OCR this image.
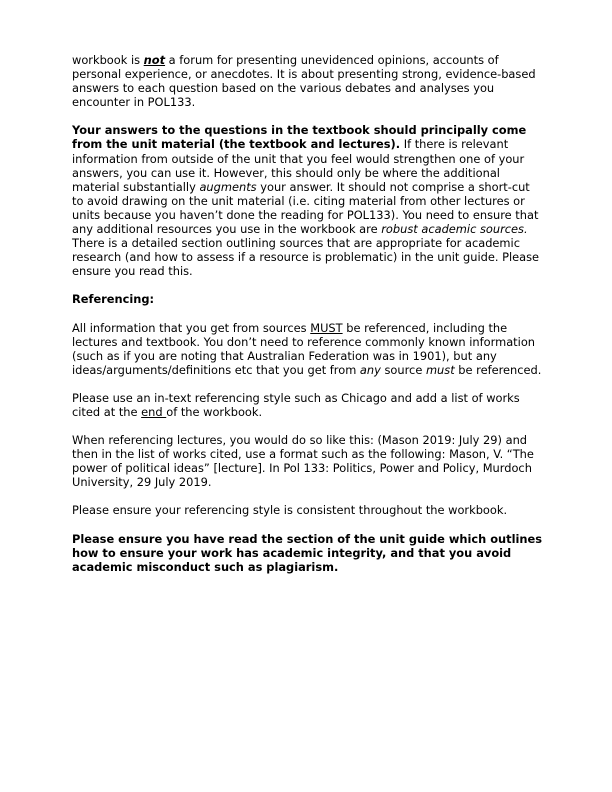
workbook is not a forum for presenting unevidenced opinions, accounts of personal experience, or anecdotes. It is about presenting strong, evidence-based answers to each question based on the various debates and analyses you encounter in POL133.

Your answers to the questions in the textbook should principally come from the unit material (the textbook and lectures). If there is relevant information from outside of the unit that you feel would strengthen one of your answers, you can use it. However, this should only be where the additional material substantially augments your answer. It should not comprise a short-cut to avoid drawing on the unit material (i.e. citing material from other lectures or units because you haven’t done the reading for POL133). You need to ensure that any additional resources you use in the workbook are robust academic sources. There is a detailed section outlining sources that are appropriate for academic research (and how to assess if a resource is problematic) in the unit guide. Please ensure you read this.

Referencing:

All information that you get from sources MUST be referenced, including the lectures and textbook. You don’t need to reference commonly known information (such as if you are noting that Australian Federation was in 1901), but any ideas/arguments/definitions etc that you get from any source must be referenced.

Please use an in-text referencing style such as Chicago and add a list of works cited at the end of the workbook.

When referencing lectures, you would do so like this: (Mason 2019: July 29) and then in the list of works cited, use a format such as the following: Mason, V. “The power of political ideas” [lecture]. In Pol 133: Politics, Power and Policy, Murdoch University, 29 July 2019.

Please ensure your referencing style is consistent throughout the workbook.

Please ensure you have read the section of the unit guide which outlines how to ensure your work has academic integrity, and that you avoid academic misconduct such as plagiarism.
